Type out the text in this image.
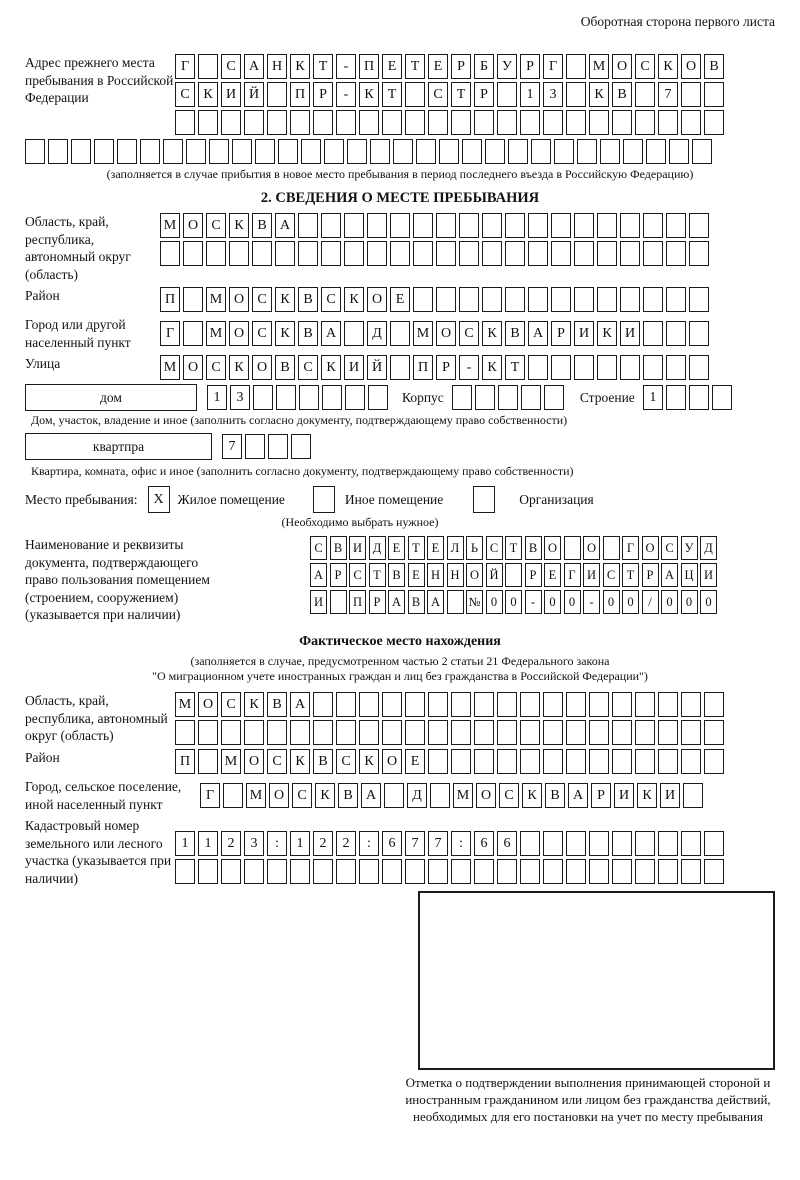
Оборотная сторона первого листа
Адрес прежнего места пребывания в Российской Федерации
Г	С А Н К	Т	-	П Е	Т	Е	Р	Б	У	Р	Г	М О С К О В
С К И Й	П	Р	-	К	Т	С	Т	Р	1	3	К В	7
(заполняется в случае прибытия в новое место пребывания в период последнего въезда в Российскую Федерацию)
2. СВЕДЕНИЯ О МЕСТЕ ПРЕБЫВАНИЯ
Область, край, республика, автономный округ (область)
М О С К В А
Район	П	М О С К В С К О Е
Город или другой населенный пункт
Г	М О С К В А	Д	М О С К В А	Р	И К И
Улица	М О С К О В С К И Й	П	Р	-	К	Т
дом	1	3	Корпус	Строение	1
Дом, участок, владение и иное (заполнить согласно документу, подтверждающему право собственности)
квартпра	7
Квартира, комната, офис и иное (заполнить согласно документу, подтверждающему право собственности)
Место пребывания:	X	Жилое помещение	Иное помещение	Организация
(Необходимо выбрать нужное)
Наименование и реквизиты документа, подтверждающего право пользования помещением (строением, сооружением) (указывается при наличии)
С В И Д Е Т Е Л Ь С Т В О	О	Г О С У Д
А Р С Т В Е Н Н О Й	Р Е Г И С Т Р А Ц И
И	П Р А В А	№ 0	0	-	0	0	-	0	0	/	0	0	0
Фактическое место нахождения
(заполняется в случае, предусмотренном частью 2 статьи 21 Федерального закона
"О миграционном учете иностранных граждан и лиц без гражданства в Российской Федерации")
Область, край, республика, автономный округ (область)
М О С К В А
Район	П	М О С К В С К О Е
Город, сельское поселение, иной населенный пункт
Г	М О С К В А	Д	М О С К В А	Р	И К И
Кадастровый номер земельного или лесного участка (указывается при наличии)
1	1	2	3	:	1	2	2	:	6	7	7	:	6	6
Отметка о подтверждении выполнения принимающей стороной и иностранным гражданином или лицом без гражданства действий, необходимых для его постановки на учет по месту пребывания
